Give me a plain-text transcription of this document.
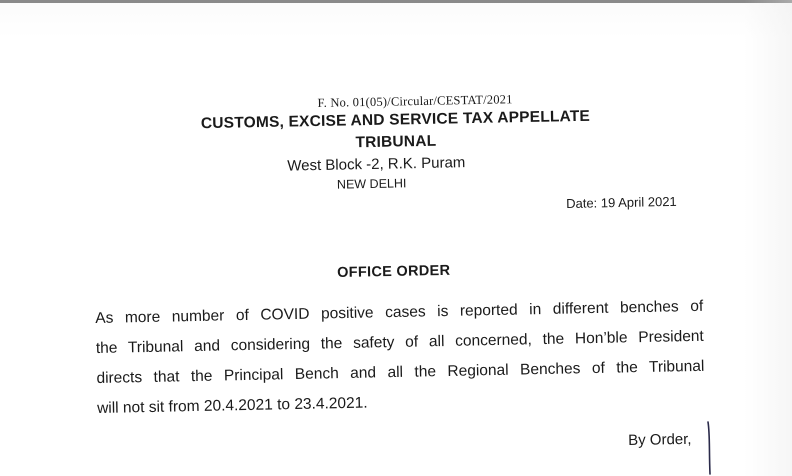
F. No. 01(05)/Circular/CESTAT/2021
CUSTOMS, EXCISE AND SERVICE TAX APPELLATE TRIBUNAL
West Block -2, R.K. Puram
NEW DELHI
Date: 19 April 2021
OFFICE ORDER
As more number of COVID positive cases is reported in different benches of
the Tribunal and considering the safety of all concerned, the Hon’ble President
directs that the Principal Bench and all the Regional Benches of the Tribunal
will not sit from 20.4.2021 to 23.4.2021.
By Order,
